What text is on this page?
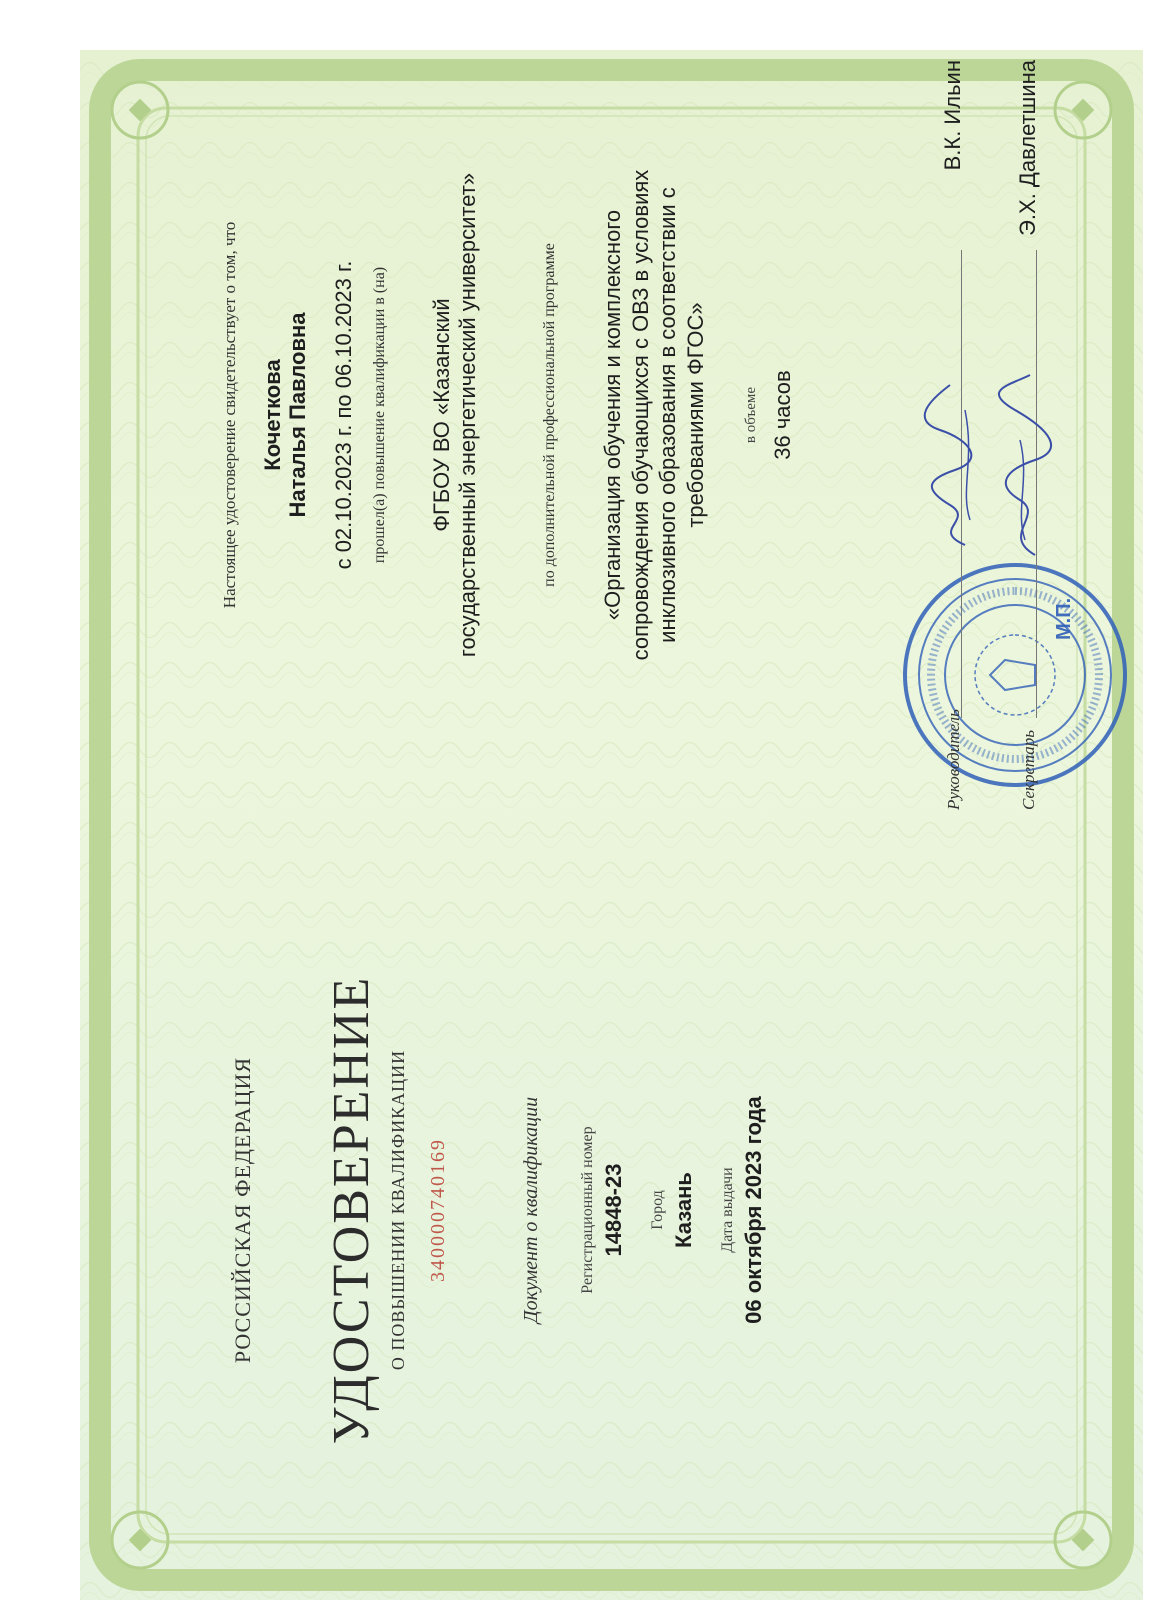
РОССИЙСКАЯ ФЕДЕРАЦИЯ УДОСТОВЕРЕНИЕ О ПОВЫШЕНИИ КВАЛИФИКАЦИИ 340000740169	Документ о квалификации Регистрационный номер 14848-23 Город Казань Дата выдачи 06 октября 2023 года
Настоящее удостоверение свидетельствует о том, что Кочеткова Наталья Павловна с 02.10.2023 г. по 06.10.2023 г. прошел(а) повышение квалификации в (на) ФГБОУ ВО «Казанский государственный энергетический университет»	по дополнительной профессиональной программе «Организация обучения и комплексного сопровождения обучающихся с ОВЗ в условиях инклюзивного образования в соответствии с требованиями ФГОС» в объеме 36 часов
М.П.
Руководитель
В.К. Ильин
Секретарь
Э.Х. Давлетшина
